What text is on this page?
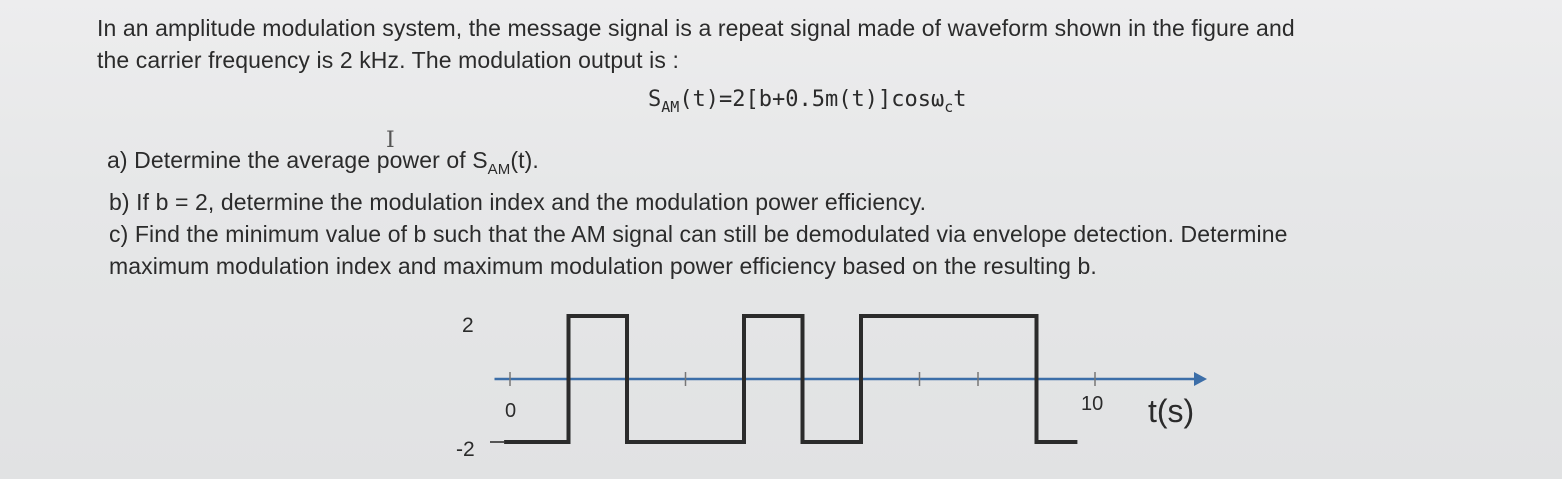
In an amplitude modulation system, the message signal is a repeat signal made of waveform shown in the figure and
the carrier frequency is 2 kHz. The modulation output is :
$S_{AM}(t)=2[b+0.5m(t)]\cos\omega_ct$
I
a) Determine the average power of $S_{AM}(t)$.
b) If b = 2, determine the modulation index and the modulation power efficiency.
c) Find the minimum value of b such that the AM signal can still be demodulated via envelope detection. Determine
maximum modulation index and maximum modulation power efficiency based on the resulting b.
2
-2
0	10 t(s)
